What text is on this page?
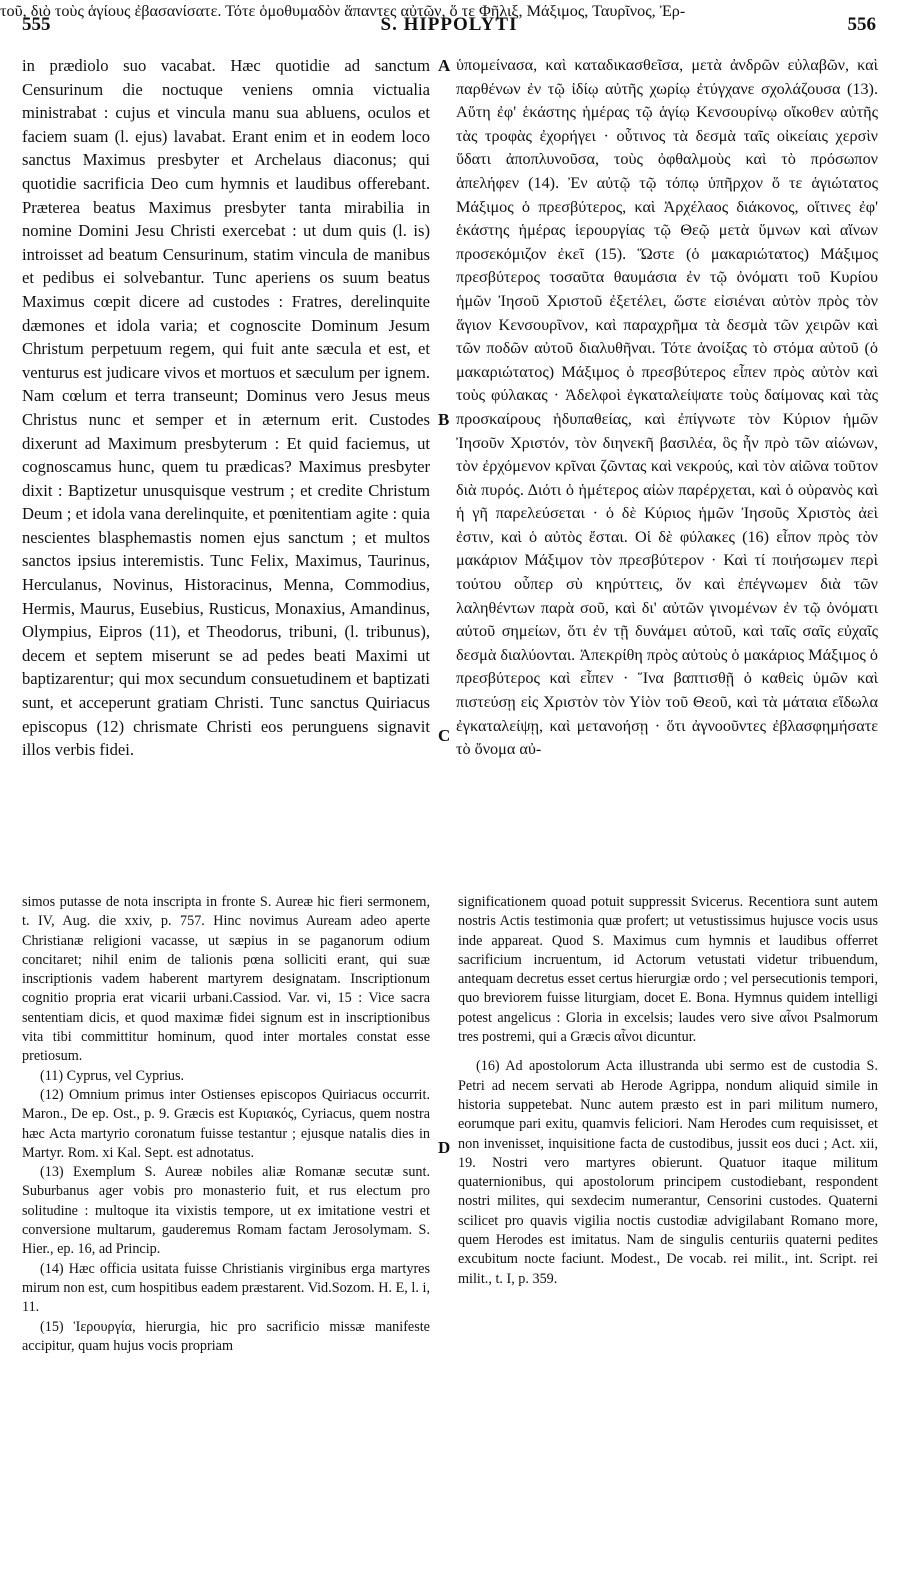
555	S. HIPPOLYTI	556

in prædiolo suo vacabat. Hæc quotidie ad sanctum Censurinum die noctuque veniens omnia victualia ministrabat : cujus et vincula manu sua abluens, oculos et faciem suam (l. ejus) lavabat. Erant enim et in eodem loco sanctus Maximus presbyter et Archelaus diaconus; qui quotidie sacrificia Deo cum hymnis et laudibus offerebant. Præterea beatus Maximus presbyter tanta mirabilia in nomine Domini Jesu Christi exercebat : ut dum quis (l. is) introisset ad beatum Censurinum, statim vincula de manibus et pedibus ei solvebantur. Tunc aperiens os suum beatus Maximus cœpit dicere ad custodes : Fratres, derelinquite dæmones et idola varia; et cognoscite Dominum Jesum Christum perpetuum regem, qui fuit ante sæcula et est, et venturus est judicare vivos et mortuos et sæculum per ignem. Nam cœlum et terra transeunt; Dominus vero Jesus meus Christus nunc et semper et in æternum erit. Custodes dixerunt ad Maximum presbyterum : Et quid faciemus, ut cognoscamus hunc, quem tu prædicas? Maximus presbyter dixit : Baptizetur unusquisque vestrum ; et credite Christum Deum ; et idola vana derelinquite, et pœnitentiam agite : quia nescientes blasphemastis nomen ejus sanctum ; et multos sanctos ipsius interemistis. Tunc Felix, Maximus, Taurinus, Herculanus, Novinus, Historacinus, Menna, Commodius, Hermis, Maurus, Eusebius, Rusticus, Monaxius, Amandinus, Olympius, Eipros (11), et Theodorus, tribuni, (l. tribunus), decem et septem miserunt se ad pedes beati Maximi ut baptizarentur; qui mox secundum consuetudinem et baptizati sunt, et acceperunt gratiam Christi. Tunc sanctus Quiriacus episcopus (12) chrismate Christi eos perunguens signavit illos verbis fidei.

A
B
C
D

ὑπομείνασα, καὶ καταδικασθεῖσα, μετὰ ἀνδρῶν εὐλαβῶν, καὶ παρθένων ἐν τῷ ἰδίῳ αὐτῆς χωρίῳ ἐτύγχανε σχολάζουσα (13). Αὕτη ἐφ' ἑκάστης ἡμέρας τῷ ἁγίῳ Κενσουρίνῳ οἴκοθεν αὐτῆς τὰς τροφὰς ἐχορήγει · οὗτινος τὰ δεσμὰ ταῖς οἰκείαις χερσὶν ὕδατι ἀποπλυνοῦσα, τοὺς ὀφθαλμοὺς καὶ τὸ πρόσωπον ἀπελήφεν (14). Ἐν αὐτῷ τῷ τόπῳ ὑπῆρχον ὅ τε ἁγιώτατος Μάξιμος ὁ πρεσβύτερος, καὶ Ἀρχέλαος διάκονος, οἵτινες ἐφ' ἑκάστης ἡμέρας ἱερουργίας τῷ Θεῷ μετὰ ὕμνων καὶ αἴνων προσεκόμιζον ἐκεῖ (15). Ὥστε (ὁ μακαριώτατος) Μάξιμος πρεσβύτερος τοσαῦτα θαυμάσια ἐν τῷ ὀνόματι τοῦ Κυρίου ἡμῶν Ἰησοῦ Χριστοῦ ἐξετέλει, ὥστε εἰσιέναι αὐτὸν πρὸς τὸν ἅγιον Κενσουρῖνον, καὶ παραχρῆμα τὰ δεσμὰ τῶν χειρῶν καὶ τῶν ποδῶν αὐτοῦ διαλυθῆναι. Τότε ἀνοίξας τὸ στόμα αὐτοῦ (ὁ μακαριώτατος) Μάξιμος ὁ πρεσβύτερος εἶπεν πρὸς αὐτὸν καὶ τοὺς φύλακας · Ἀδελφοὶ ἐγκαταλείψατε τοὺς δαίμονας καὶ τὰς προσκαίρους ἡδυπαθείας, καὶ ἐπίγνωτε τὸν Κύριον ἡμῶν Ἰησοῦν Χριστόν, τὸν διηνεκῆ βασιλέα, ὃς ἦν πρὸ τῶν αἰώνων, τὸν ἐρχόμενον κρῖναι ζῶντας καὶ νεκρούς, καὶ τὸν αἰῶνα τοῦτον διὰ πυρός. Διότι ὁ ἡμέτερος αἰὼν παρέρχεται, καὶ ὁ οὐρανὸς καὶ ἡ γῆ παρελεύσεται · ὁ δὲ Κύριος ἡμῶν Ἰησοῦς Χριστὸς ἀεὶ ἐστιν, καὶ ὁ αὐτὸς ἔσται. Οἱ δὲ φύλακες (16) εἶπον πρὸς τὸν μακάριον Μάξιμον τὸν πρεσβύτερον · Καὶ τί ποιήσωμεν περὶ τούτου οὗπερ σὺ κηρύττεις, ὅν καὶ ἐπέγνωμεν διὰ τῶν λαληθέντων παρὰ σοῦ, καὶ δι' αὐτῶν γινομένων ἐν τῷ ὀνόματι αὐτοῦ σημείων, ὅτι ἐν τῇ δυνάμει αὐτοῦ, καὶ ταῖς σαῖς εὐχαῖς δεσμὰ διαλύονται. Ἀπεκρίθη πρὸς αὐτοὺς ὁ μακάριος Μάξιμος ὁ πρεσβύτερος καὶ εἶπεν · Ἵνα βαπτισθῇ ὁ καθεὶς ὑμῶν καὶ πιστεύσῃ εἰς Χριστὸν τὸν Υἱὸν τοῦ Θεοῦ, καὶ τὰ μάταια εἴδωλα ἐγκαταλείψῃ, καὶ μετανοήσῃ · ὅτι ἀγνοοῦντες ἐβλασφημήσατε τὸ ὄνομα αὐ-

τοῦ, διὸ τοὺς ἁγίους ἐβασανίσατε. Τότε ὁμοθυμαδὸν ἅπαντες αὐτῶν, ὅ τε Φῆλιξ, Μάξιμος, Ταυρῖνος, Ἐρ-

simos putasse de nota inscripta in fronte S. Aureæ hic fieri sermonem, t. IV, Aug. die xxiv, p. 757. Hinc novimus Auream adeo aperte Christianæ religioni vacasse, ut sæpius in se paganorum odium concitaret; nihil enim de talionis pœna solliciti erant, qui suæ inscriptionis vadem haberent martyrem designatam. Inscriptionum cognitio propria erat vicarii urbani.Cassiod. Var. vi, 15 : Vice sacra sententiam dicis, et quod maximæ fidei signum est in inscriptionibus vita tibi committitur hominum, quod inter mortales constat esse pretiosum.

(11) Cyprus, vel Cyprius.

(12) Omnium primus inter Ostienses episcopos Quiriacus occurrit. Maron., De ep. Ost., p. 9. Græcis est Κυριακός, Cyriacus, quem nostra hæc Acta martyrio coronatum fuisse testantur ; ejusque natalis dies in Martyr. Rom. xi Kal. Sept. est adnotatus.

(13) Exemplum S. Aureæ nobiles aliæ Romanæ secutæ sunt. Suburbanus ager vobis pro monasterio fuit, et rus electum pro solitudine : multoque ita vixistis tempore, ut ex imitatione vestri et conversione multarum, gauderemus Romam factam Jerosolymam. S. Hier., ep. 16, ad Princip.

(14) Hæc officia usitata fuisse Christianis virginibus erga martyres mirum non est, cum hospitibus eadem præstarent. Vid.Sozom. H. E, l. i, 11.

(15) Ἱερουργία, hierurgia, hic pro sacrificio missæ manifeste accipitur, quam hujus vocis propriam

significationem quoad potuit suppressit Svicerus. Recentiora sunt autem nostris Actis testimonia quæ profert; ut vetustissimus hujusce vocis usus inde appareat. Quod S. Maximus cum hymnis et laudibus offerret sacrificium incruentum, id Actorum vetustati videtur tribuendum, antequam decretus esset certus hierurgiæ ordo ; vel persecutionis tempori, quo breviorem fuisse liturgiam, docet E. Bona. Hymnus quidem intelligi potest angelicus : Gloria in excelsis; laudes vero sive αἶνοι Psalmorum tres postremi, qui a Græcis αἶνοι dicuntur.

(16) Ad apostolorum Acta illustranda ubi sermo est de custodia S. Petri ad necem servati ab Herode Agrippa, nondum aliquid simile in historia suppetebat. Nunc autem præsto est in pari militum numero, eorumque pari exitu, quamvis feliciori. Nam Herodes cum requisisset, et non invenisset, inquisitione facta de custodibus, jussit eos duci ; Act. xii, 19. Nostri vero martyres obierunt. Quatuor itaque militum quaternionibus, qui apostolorum principem custodiebant, respondent nostri milites, qui sexdecim numerantur, Censorini custodes. Quaterni scilicet pro quavis vigilia noctis custodiæ advigilabant Romano more, quem Herodes est imitatus. Nam de singulis centuriis quaterni pedites excubitum nocte faciunt. Modest., De vocab. rei milit., int. Script. rei milit., t. I, p. 359.
